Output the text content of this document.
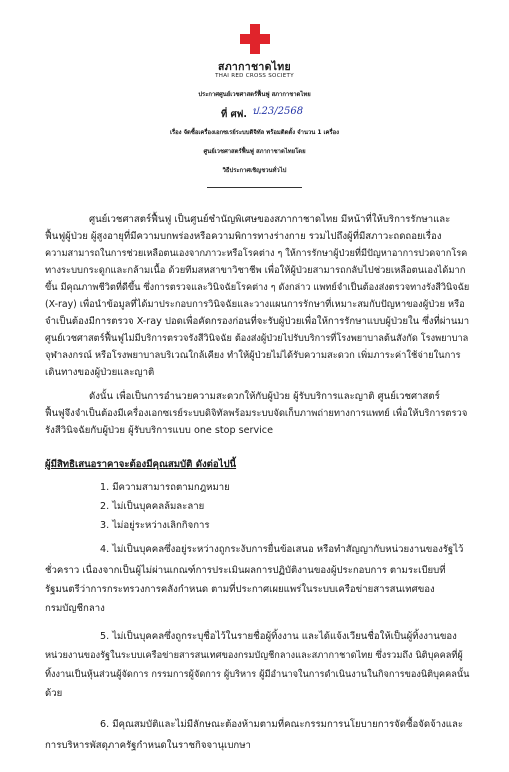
สภากาชาดไทย
THAI RED CROSS SOCIETY
ประกาศศูนย์เวชศาสตร์ฟื้นฟู สภากาชาดไทย
ที่ ศฟ. ป.23/2568
เรื่อง จัดซื้อเครื่องเอกซเรย์ระบบดิจิทัล พร้อมติดตั้ง จำนวน 1 เครื่อง
ศูนย์เวชศาสตร์ฟื้นฟู สภากาชาดไทยโดย
วิธีประกาศเชิญชวนทั่วไป
ศูนย์เวชศาสตร์ฟื้นฟู เป็นศูนย์ชำนัญพิเศษของสภากาชาดไทย มีหน้าที่ให้บริการรักษาและ
ฟื้นฟูผู้ป่วย ผู้สูงอายุที่มีความบกพร่องหรือความพิการทางร่างกาย รวมไปถึงผู้ที่มีสภาวะถดถอยเรื่อง
ความสามารถในการช่วยเหลือตนเองจากภาวะหรือโรคต่าง ๆ ให้การรักษาผู้ป่วยที่มีปัญหาอาการปวดจากโรค
ทางระบบกระดูกและกล้ามเนื้อ ด้วยทีมสหสาขาวิชาชีพ เพื่อให้ผู้ป่วยสามารถกลับไปช่วยเหลือตนเองได้มาก
ขึ้น มีคุณภาพชีวิตที่ดีขึ้น ซึ่งการตรวจและวินิจฉัยโรคต่าง ๆ ดังกล่าว แพทย์จำเป็นต้องส่งตรวจทางรังสีวินิจฉัย
(X-ray) เพื่อนำข้อมูลที่ได้มาประกอบการวินิจฉัยและวางแผนการรักษาที่เหมาะสมกับปัญหาของผู้ป่วย หรือ
จำเป็นต้องมีการตรวจ X-ray ปอดเพื่อคัดกรองก่อนที่จะรับผู้ป่วยเพื่อให้การรักษาแบบผู้ป่วยใน ซึ่งที่ผ่านมา
ศูนย์เวชศาสตร์ฟื้นฟูไม่มีบริการตรวจรังสีวินิจฉัย ต้องส่งผู้ป่วยไปรับบริการที่โรงพยาบาลต้นสังกัด โรงพยาบาล
จุฬาลงกรณ์ หรือโรงพยาบาลบริเวณใกล้เคียง ทำให้ผู้ป่วยไม่ได้รับความสะดวก เพิ่มภาระค่าใช้จ่ายในการ
เดินทางของผู้ป่วยและญาติ
ดังนั้น เพื่อเป็นการอำนวยความสะดวกให้กับผู้ป่วย ผู้รับบริการและญาติ ศูนย์เวชศาสตร์
ฟื้นฟูจึงจำเป็นต้องมีเครื่องเอกซเรย์ระบบดิจิทัลพร้อมระบบจัดเก็บภาพถ่ายทางการแพทย์ เพื่อให้บริการตรวจ
รังสีวินิจฉัยกับผู้ป่วย ผู้รับบริการแบบ one stop service
ผู้มีสิทธิเสนอราคาจะต้องมีคุณสมบัติ ดังต่อไปนี้
1. มีความสามารถตามกฎหมาย
2. ไม่เป็นบุคคลล้มละลาย
3. ไม่อยู่ระหว่างเลิกกิจการ
4. ไม่เป็นบุคคลซึ่งอยู่ระหว่างถูกระงับการยื่นข้อเสนอ หรือทำสัญญากับหน่วยงานของรัฐไว้
ชั่วคราว เนื่องจากเป็นผู้ไม่ผ่านเกณฑ์การประเมินผลการปฏิบัติงานของผู้ประกอบการ ตามระเบียบที่
รัฐมนตรีว่าการกระทรวงการคลังกำหนด ตามที่ประกาศเผยแพร่ในระบบเครือข่ายสารสนเทศของ
กรมบัญชีกลาง
5. ไม่เป็นบุคคลซึ่งถูกระบุชื่อไว้ในรายชื่อผู้ทิ้งงาน และได้แจ้งเวียนชื่อให้เป็นผู้ทิ้งงานของ
หน่วยงานของรัฐในระบบเครือข่ายสารสนเทศของกรมบัญชีกลางและสภากาชาดไทย ซึ่งรวมถึง นิติบุคคลที่ผู้
ทิ้งงานเป็นหุ้นส่วนผู้จัดการ กรรมการผู้จัดการ ผู้บริหาร ผู้มีอำนาจในการดำเนินงานในกิจการของนิติบุคคลนั้น
ด้วย
6. มีคุณสมบัติและไม่มีลักษณะต้องห้ามตามที่คณะกรรมการนโยบายการจัดซื้อจัดจ้างและ
การบริหารพัสดุภาครัฐกำหนดในราชกิจจานุเบกษา
